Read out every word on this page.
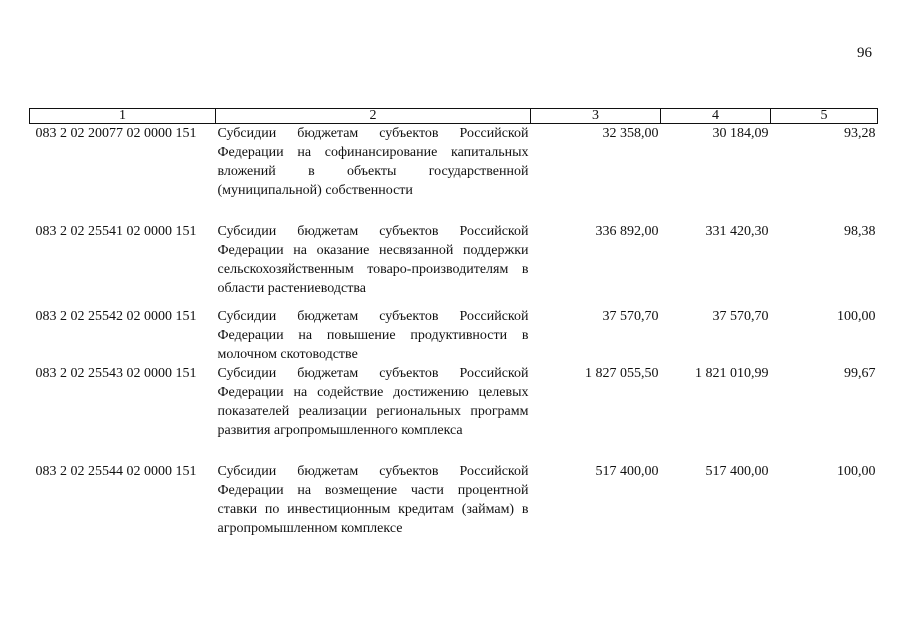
96
1	2	3	4	5
083 2 02 20077 02 0000 151	Субсидии бюджетам субъектов Российской Федерации на софинансирование капитальных вложений в объекты государственной (муниципальной) собственности	32 358,00	30 184,09	93,28
083 2 02 25541 02 0000 151	Субсидии бюджетам субъектов Российской Федерации на оказание несвязанной поддержки сельскохозяйственным товаро-производителям в области растениеводства	336 892,00	331 420,30	98,38
083 2 02 25542 02 0000 151	Субсидии бюджетам субъектов Российской Федерации на повышение продуктивности в молочном скотоводстве	37 570,70	37 570,70	100,00
083 2 02 25543 02 0000 151	Субсидии бюджетам субъектов Российской Федерации на содействие достижению целевых показателей реализации региональных программ развития агропромышленного комплекса	1 827 055,50	1 821 010,99	99,67
083 2 02 25544 02 0000 151	Субсидии бюджетам субъектов Российской Федерации на возмещение части процентной ставки по инвестиционным кредитам (займам) в агропромышленном комплексе	517 400,00	517 400,00	100,00
